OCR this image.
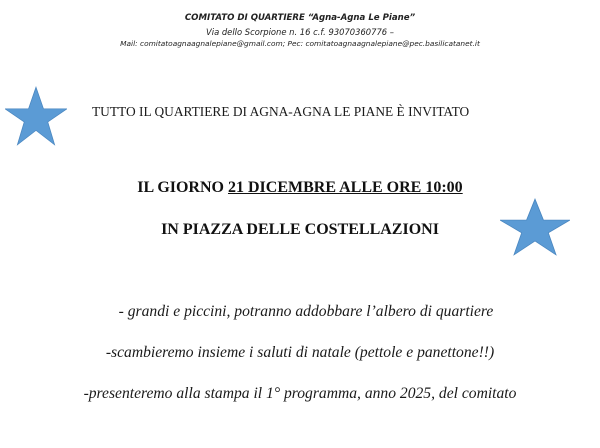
COMITATO DI QUARTIERE “Agna-Agna Le Piane”
Via dello Scorpione n. 16 c.f. 93070360776 –
Mail: comitatoagnaagnalepiane@gmail.com; Pec: comitatoagnaagnalepiane@pec.basilicatanet.it
TUTTO IL QUARTIERE DI AGNA-AGNA LE PIANE È INVITATO
IL GIORNO 21 DICEMBRE ALLE ORE 10:00
IN PIAZZA DELLE COSTELLAZIONI
- grandi e piccini, potranno addobbare l’albero di quartiere
-scambieremo insieme i saluti di natale (pettole e panettone!!)
-presenteremo alla stampa il 1° programma, anno 2025, del comitato
